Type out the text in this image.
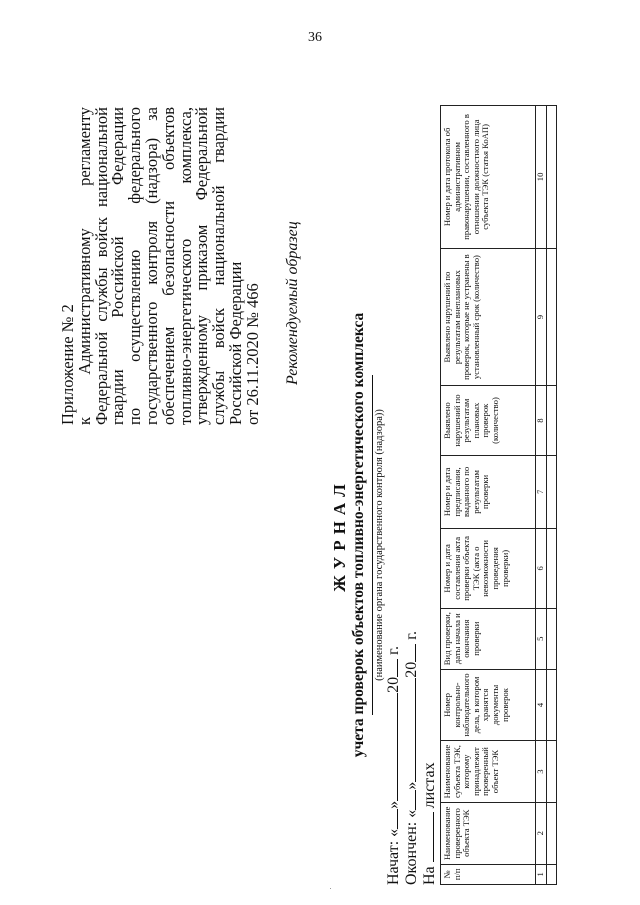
36
Приложение № 2
к
Административному
регламенту
Федеральной
службы
войск
национальной
гвардии
Российской
Федерации
по
осуществлению
федерального
государственного
контроля
(надзора)
за
обеспечением
безопасности
объектов
топливно-энергетического
комплекса,
утвержденному
приказом
Федеральной
службы
войск
национальной
гвардии
Российской Федерации
от 26.11.2020 № 466 Рекомендуемый образец
ЖУРНАЛ учета проверок объектов топливно-энергетического комплекса (наименование органа государственного контроля (надзора))
Начат: «»20 г.
Окончен: «»20 г.
На  листах
№ п/п	Наименование проверенного объекта ТЭК	Наименование субъекта ТЭК, которому принадлежит проверенный объект ТЭК	Номер контрольно-наблюдательного дела, в котором хранятся документы проверок	Вид проверки, даты начала и окончания проверки	Номер и дата составления акта проверки объекта ТЭК (акта о невозможности проведения проверки)	Номер и дата предписания, выданного по результатам проверки	Выявлено нарушений по результатам плановых проверок (количество)	Выявлено нарушений по результатам внеплановых проверок, которые не устранены в установленный срок (количество)	Номер и дата протокола об административном правонарушении, составленного в отношении должностного лица субъекта ТЭК (статья КоАП)
1	2	3	4	5	6	7	8	9	10
